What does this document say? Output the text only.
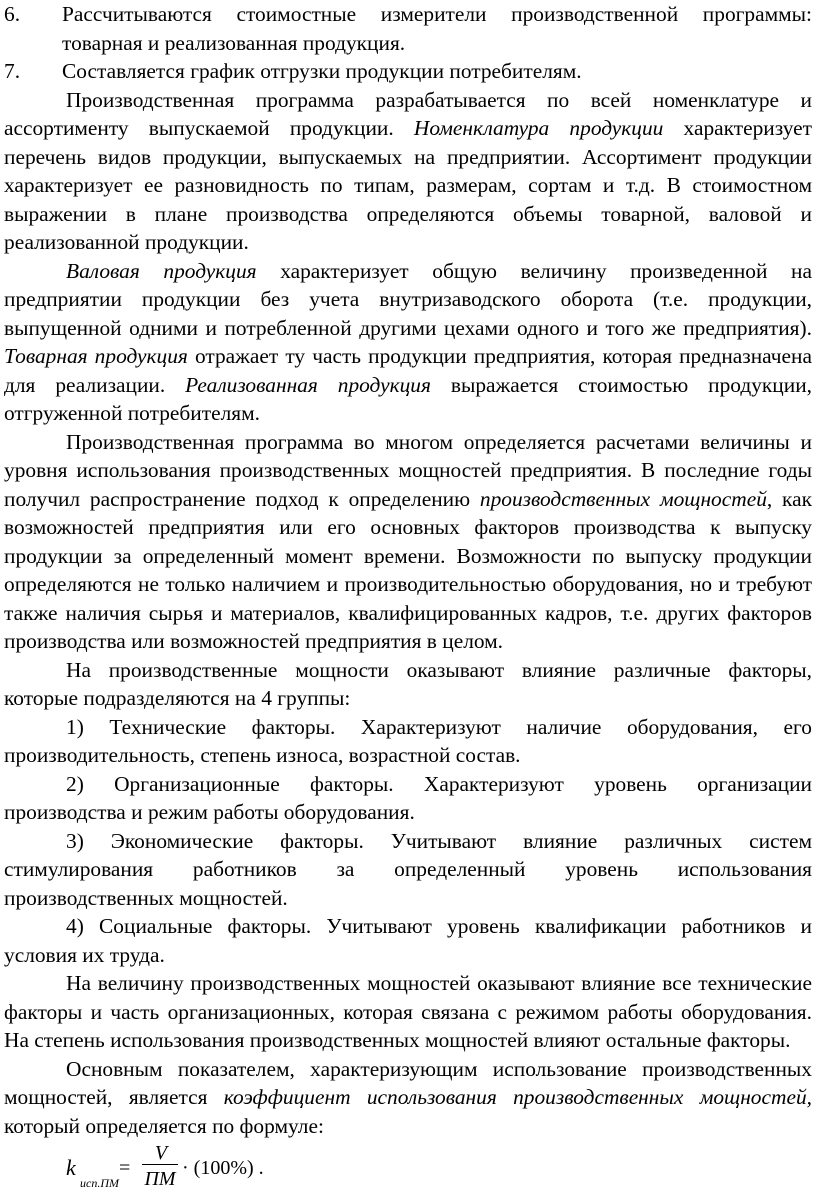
6. Рассчитываются стоимостные измерители производственной программы: товарная и реализованная продукция.
7. Составляется график отгрузки продукции потребителям.

Производственная программа разрабатывается по всей номенклатуре и ассортименту выпускаемой продукции. Номенклатура продукции характеризует перечень видов продукции, выпускаемых на предприятии. Ассортимент продукции характеризует ее разновидность по типам, размерам, сортам и т.д. В стоимостном выражении в плане производства определяются объемы товарной, валовой и реализованной продукции.

Валовая продукция характеризует общую величину произведенной на предприятии продукции без учета внутризаводского оборота (т.е. продукции, выпущенной одними и потребленной другими цехами одного и того же предприятия). Товарная продукция отражает ту часть продукции предприятия, которая предназначена для реализации. Реализованная продукция выражается стоимостью продукции, отгруженной потребителям.

Производственная программа во многом определяется расчетами величины и уровня использования производственных мощностей предприятия. В последние годы получил распространение подход к определению производственных мощностей, как возможностей предприятия или его основных факторов производства к выпуску продукции за определенный момент времени. Возможности по выпуску продукции определяются не только наличием и производительностью оборудования, но и требуют также наличия сырья и материалов, квалифицированных кадров, т.е. других факторов производства или возможностей предприятия в целом.

На производственные мощности оказывают влияние различные факторы, которые подразделяются на 4 группы:

1) Технические факторы. Характеризуют наличие оборудования, его производительность, степень износа, возрастной состав.

2) Организационные факторы. Характеризуют уровень организации производства и режим работы оборудования.

3) Экономические факторы. Учитывают влияние различных систем стимулирования работников за определенный уровень использования производственных мощностей.

4) Социальные факторы. Учитывают уровень квалификации работников и условия их труда.

На величину производственных мощностей оказывают влияние все технические факторы и часть организационных, которая связана с режимом работы оборудования. На степень использования производственных мощностей влияют остальные факторы.

Основным показателем, характеризующим использование производственных мощностей, является коэффициент использования производственных мощностей, который определяется по формуле:

k
исп.ПМ
=
V
ПМ · (100%) .
